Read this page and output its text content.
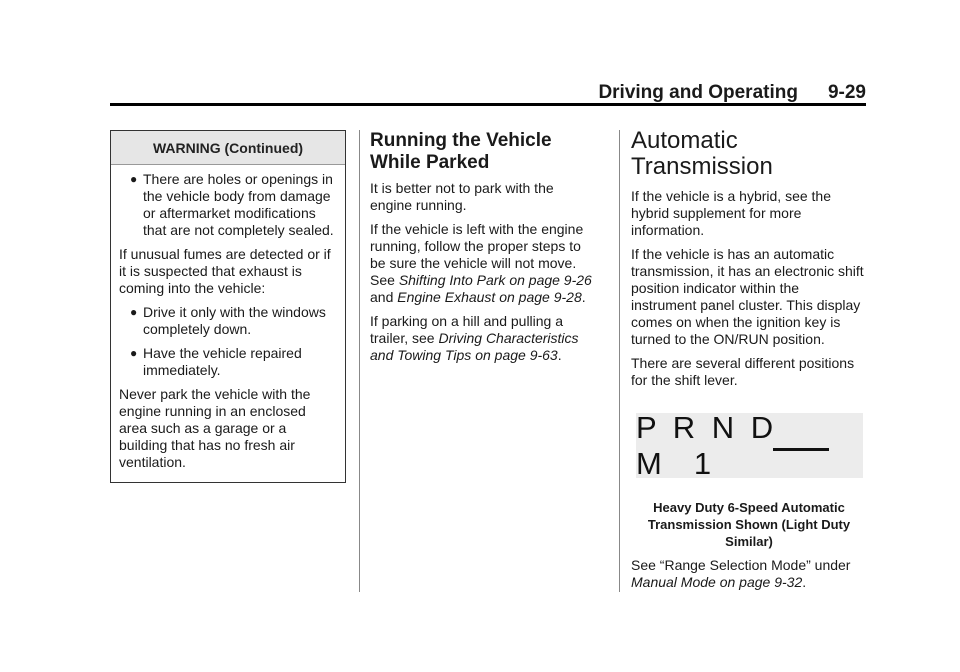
Driving and Operating 9-29
WARNING (Continued)
● There are holes or openings in the vehicle body from damage or aftermarket modifications that are not completely sealed.

If unusual fumes are detected or if it is suspected that exhaust is coming into the vehicle:

● Drive it only with the windows completely down.
● Have the vehicle repaired immediately.

Never park the vehicle with the engine running in an enclosed area such as a garage or a building that has no fresh air ventilation.

Running the Vehicle While Parked

It is better not to park with the engine running.

If the vehicle is left with the engine running, follow the proper steps to be sure the vehicle will not move. See Shifting Into Park on page 9-26 and Engine Exhaust on page 9-28.

If parking on a hill and pulling a trailer, see Driving Characteristics and Towing Tips on page 9-63.

Automatic Transmission

If the vehicle is a hybrid, see the hybrid supplement for more information.

If the vehicle is has an automatic transmission, it has an electronic shift position indicator within the instrument panel cluster. This display comes on when the ignition key is turned to the ON/RUN position.

There are several different positions for the shift lever.

P R N D M 1
Heavy Duty 6-Speed Automatic Transmission Shown (Light Duty Similar)
See “Range Selection Mode” under Manual Mode on page 9-32.
